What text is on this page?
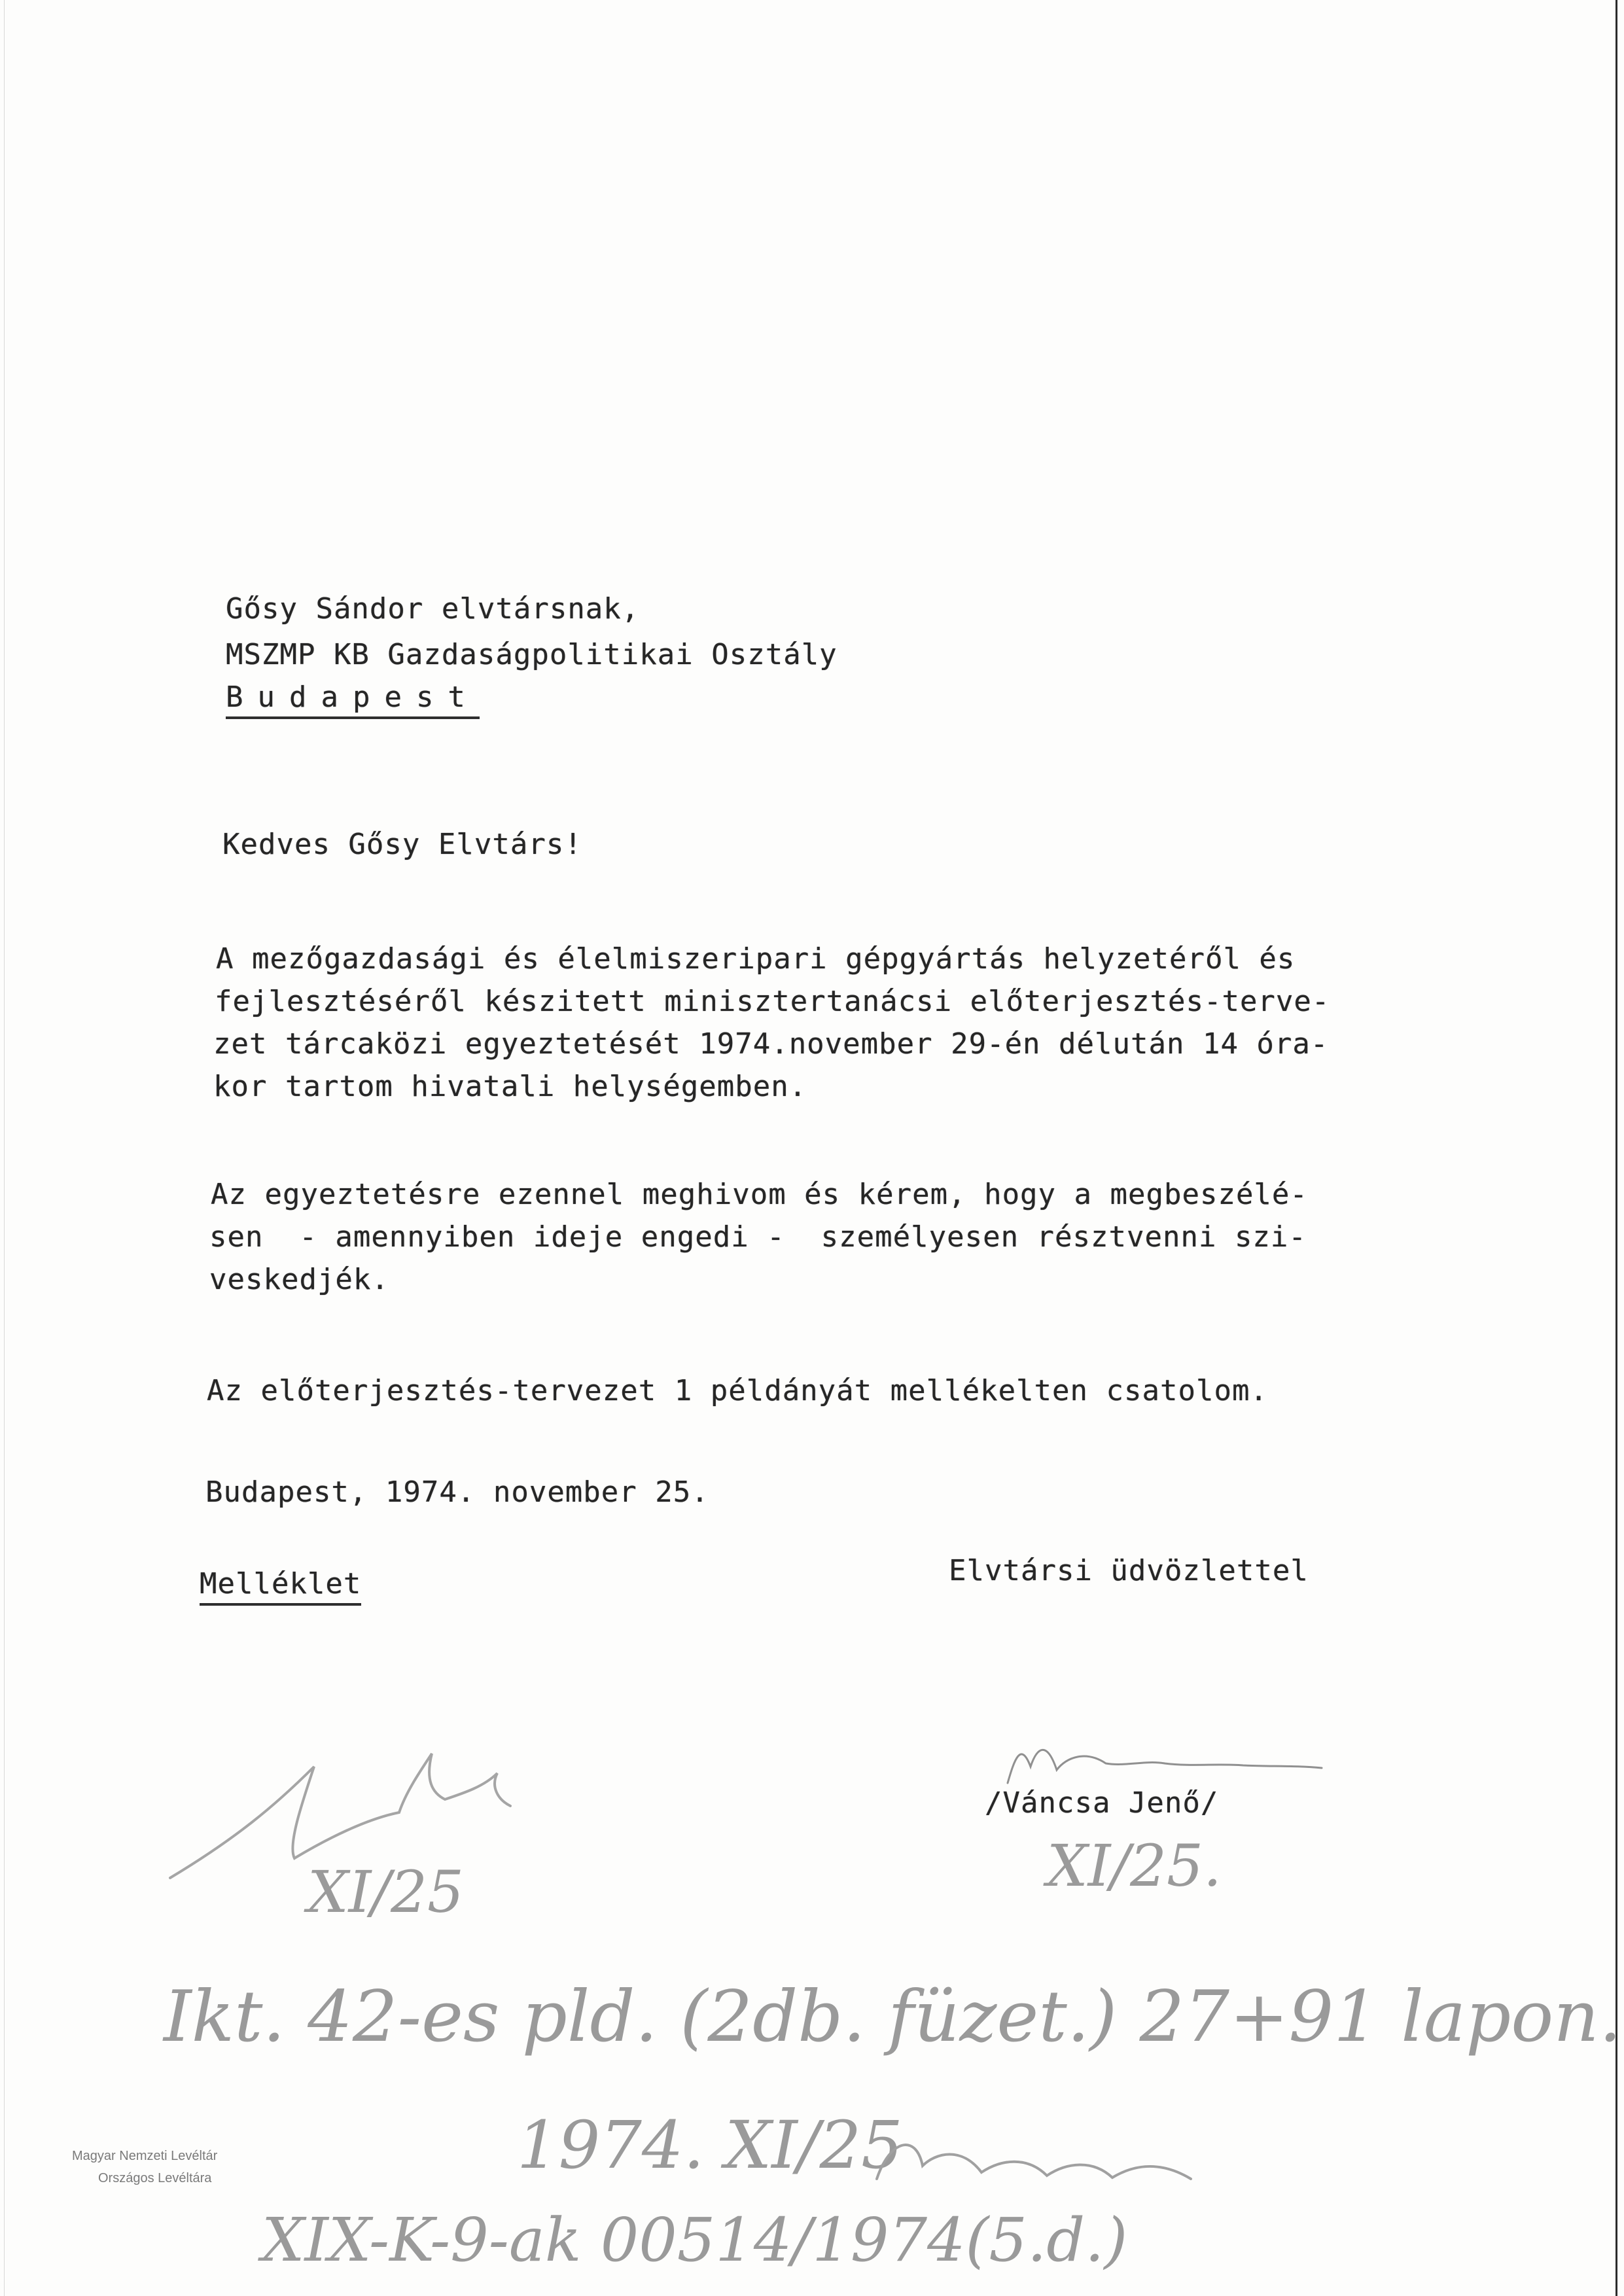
Gősy Sándor elvtársnak,
MSZMP KB Gazdaságpolitikai Osztály
Budapest
Kedves Gősy Elvtárs!
A mezőgazdasági és élelmiszeripari gépgyártás helyzetéről és
fejlesztéséről készitett minisztertanácsi előterjesztés-terve-
zet tárcaközi egyeztetését 1974.november 29-én délután 14 óra-
kor tartom hivatali helységemben.
Az egyeztetésre ezennel meghivom és kérem, hogy a megbeszélé-
sen  - amennyiben ideje engedi -  személyesen résztvenni szi-
veskedjék.
Az előterjesztés-tervezet 1 példányát mellékelten csatolom.
Budapest, 1974. november 25.
Elvtársi üdvözlettel
Melléklet
/Váncsa Jenő/
XI/25	XI/25.
Ikt. 42-es pld. (2db. füzet.) 27+91 lapon.
1974. XI/25
Magyar Nemzeti Levéltár
Országos Levéltára
XIX-K-9-ak 00514/1974(5.d.)
